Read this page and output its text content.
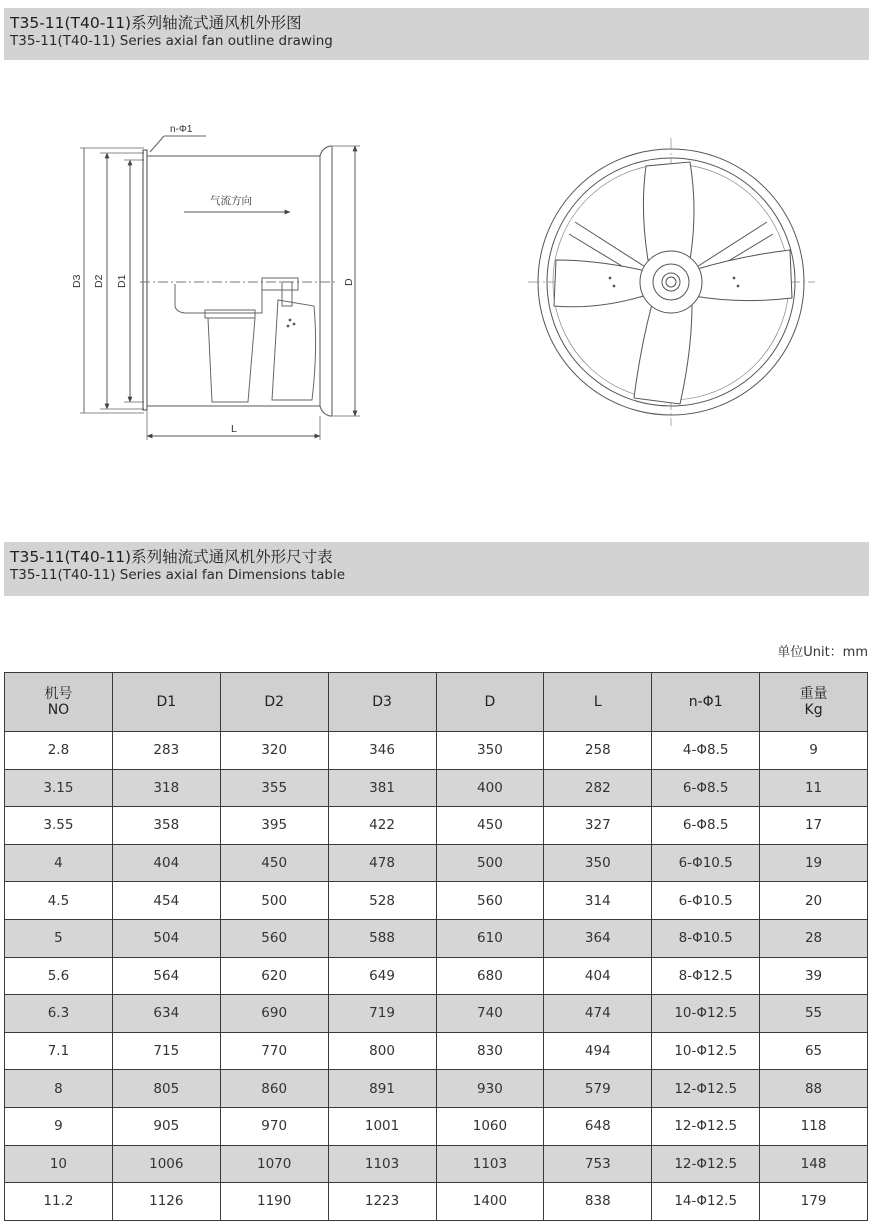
T35-11(T40-11)系列轴流式通风机外形图
T35-11(T40-11) Series axial fan outline drawing
n-Φ1
气流方向
D3 D2 D1	D
L
T35-11(T40-11)系列轴流式通风机外形尺寸表
T35-11(T40-11) Series axial fan Dimensions table
单位Unit：mm
机号
NO	D1	D2	D3	D	L	n-Φ1	重量
Kg

2.8	283	320	346	350	258	4-Φ8.5	9
3.15	318	355	381	400	282	6-Φ8.5	11
3.55	358	395	422	450	327	6-Φ8.5	17
4	404	450	478	500	350	6-Φ10.5	19
4.5	454	500	528	560	314	6-Φ10.5	20
5	504	560	588	610	364	8-Φ10.5	28
5.6	564	620	649	680	404	8-Φ12.5	39
6.3	634	690	719	740	474	10-Φ12.5	55
7.1	715	770	800	830	494	10-Φ12.5	65
8	805	860	891	930	579	12-Φ12.5	88
9	905	970	1001	1060	648	12-Φ12.5	118
10	1006	1070	1103	1103	753	12-Φ12.5	148
11.2	1126	1190	1223	1400	838	14-Φ12.5	179
